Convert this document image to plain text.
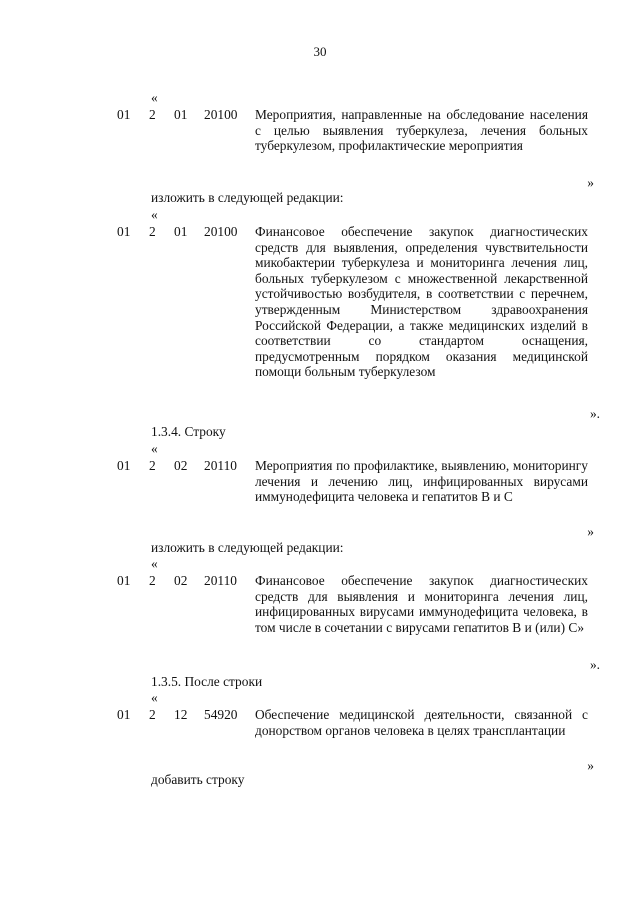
30
«
01 2 01 20100 Мероприятия, направленные на обследование населения с целью выявления туберкулеза, лечения больных туберкулезом, профилактические мероприятия

»
изложить в следующей редакции:
«
01 2 01 20100 Финансовое обеспечение закупок диагностических средств для выявления, определения чувствительности микобактерии туберкулеза и мониторинга лечения лиц, больных туберкулезом с множественной лекарственной устойчивостью возбудителя, в соответствии с перечнем, утвержденным Министерством здравоохранения Российской Федерации, а также медицинских изделий в соответствии со стандартом оснащения, предусмотренным порядком оказания медицинской помощи больным туберкулезом

».
1.3.4. Строку
«
01 2 02 20110 Мероприятия по профилактике, выявлению, мониторингу лечения и лечению лиц, инфицированных вирусами иммунодефицита человека и гепатитов B и C

»
изложить в следующей редакции:
«
01 2 02 20110 Финансовое обеспечение закупок диагностических средств для выявления и мониторинга лечения лиц, инфицированных вирусами иммунодефицита человека, в том числе в сочетании с вирусами гепатитов B и (или) C»

».
1.3.5. После строки
«
01 2 12 54920 Обеспечение медицинской деятельности, связанной с донорством органов человека в целях трансплантации

»
добавить строку
